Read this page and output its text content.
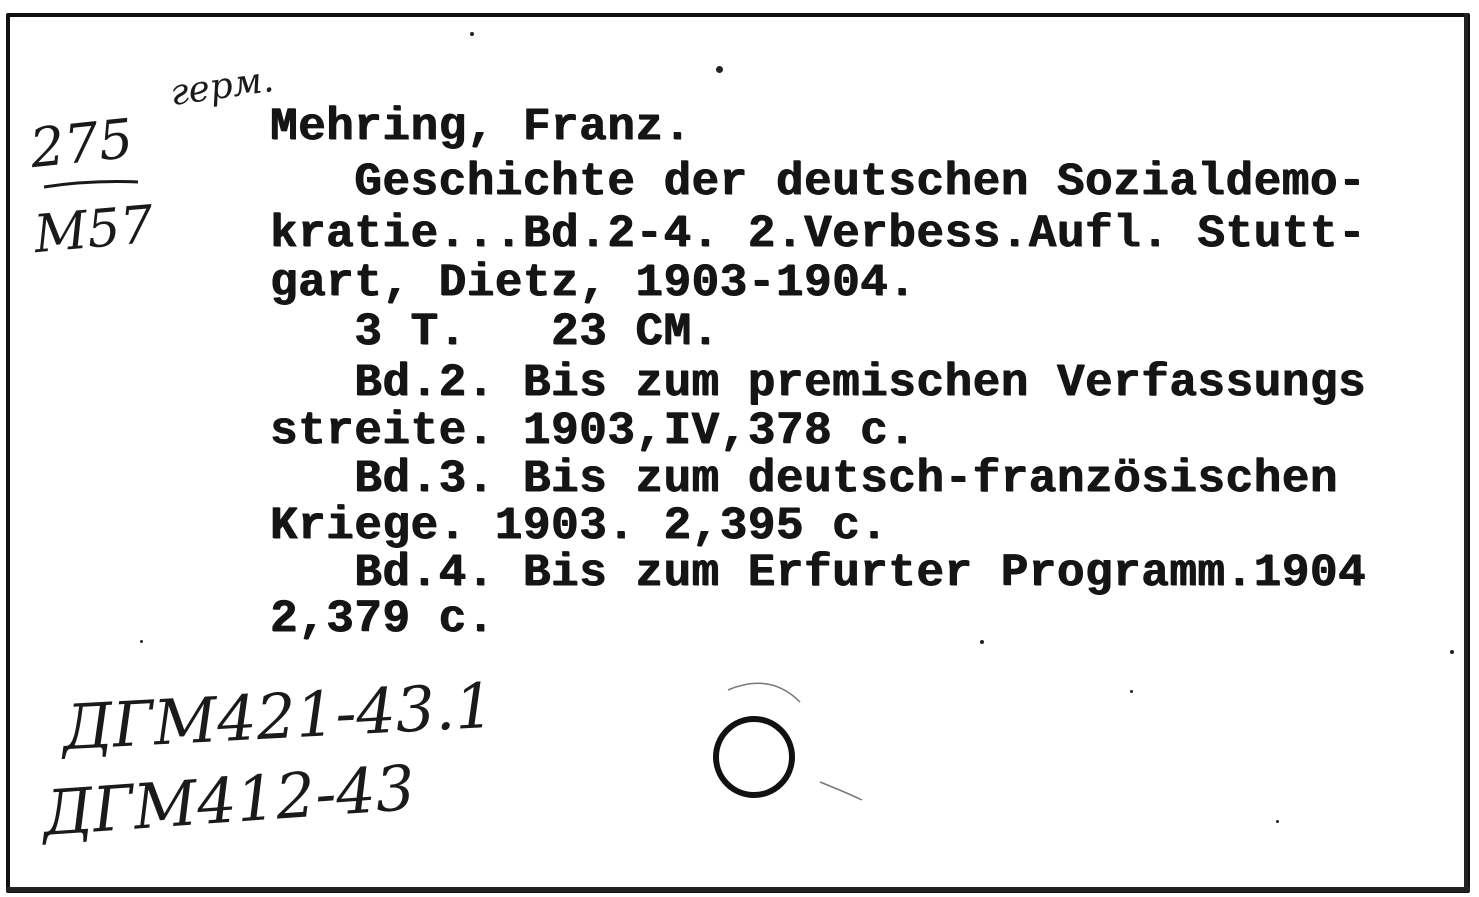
275
герм.
M57
Mehring, Franz.
Geschichte der deutschen Sozialdemo-
kratie...Bd.2-4. 2.Verbess.Aufl. Stutt-
gart, Dietz, 1903-1904.
3 T.   23 CM.
Bd.2. Bis zum premischen Verfassungs
streite. 1903,IV,378 c.
Bd.3. Bis zum deutsch-französischen
Kriege. 1903. 2,395 c.
Bd.4. Bis zum Erfurter Programm.1904
2,379 c.
ДГМ421-43.1
ДГМ412-43
